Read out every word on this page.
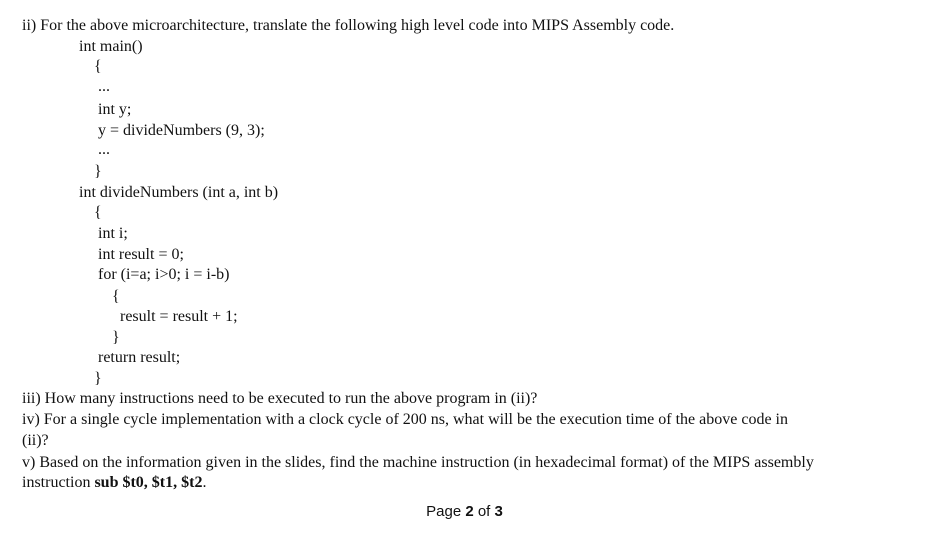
ii) For the above microarchitecture, translate the following high level code into MIPS Assembly code.
int main()
{
...
int y;
y = divideNumbers (9, 3);
...
}
int divideNumbers (int a, int b)
{
int i;
int result = 0;
for (i=a; i>0; i = i-b)
{
result = result + 1;
}
return result;
}
iii) How many instructions need to be executed to run the above program in (ii)?
iv) For a single cycle implementation with a clock cycle of 200 ns, what will be the execution time of the above code in
(ii)?
v) Based on the information given in the slides, find the machine instruction (in hexadecimal format) of the MIPS assembly
instruction sub $t0, $t1, $t2.
Page 2 of 3
